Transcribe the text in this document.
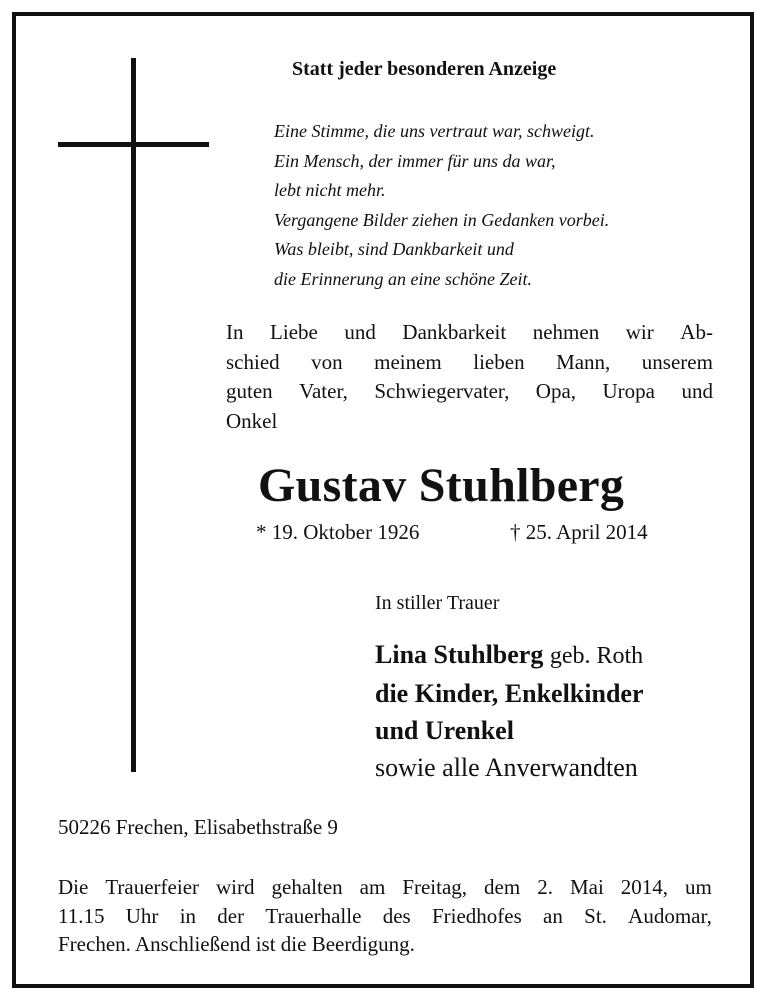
Statt jeder besonderen Anzeige
Eine Stimme, die uns vertraut war, schweigt.
Ein Mensch, der immer für uns da war,
lebt nicht mehr.
Vergangene Bilder ziehen in Gedanken vorbei.
Was bleibt, sind Dankbarkeit und
die Erinnerung an eine schöne Zeit.
In Liebe und Dankbarkeit nehmen wir Ab-
schied von meinem lieben Mann, unserem
guten Vater, Schwiegervater, Opa, Uropa und
Onkel
Gustav Stuhlberg
* 19. Oktober 1926	† 25. April 2014
In stiller Trauer
Lina Stuhlberg geb. Roth
die Kinder, Enkelkinder
und Urenkel
sowie alle Anverwandten
50226 Frechen, Elisabethstraße 9
Die Trauerfeier wird gehalten am Freitag, dem 2. Mai 2014, um
11.15 Uhr in der Trauerhalle des Friedhofes an St. Audomar,
Frechen. Anschließend ist die Beerdigung.
